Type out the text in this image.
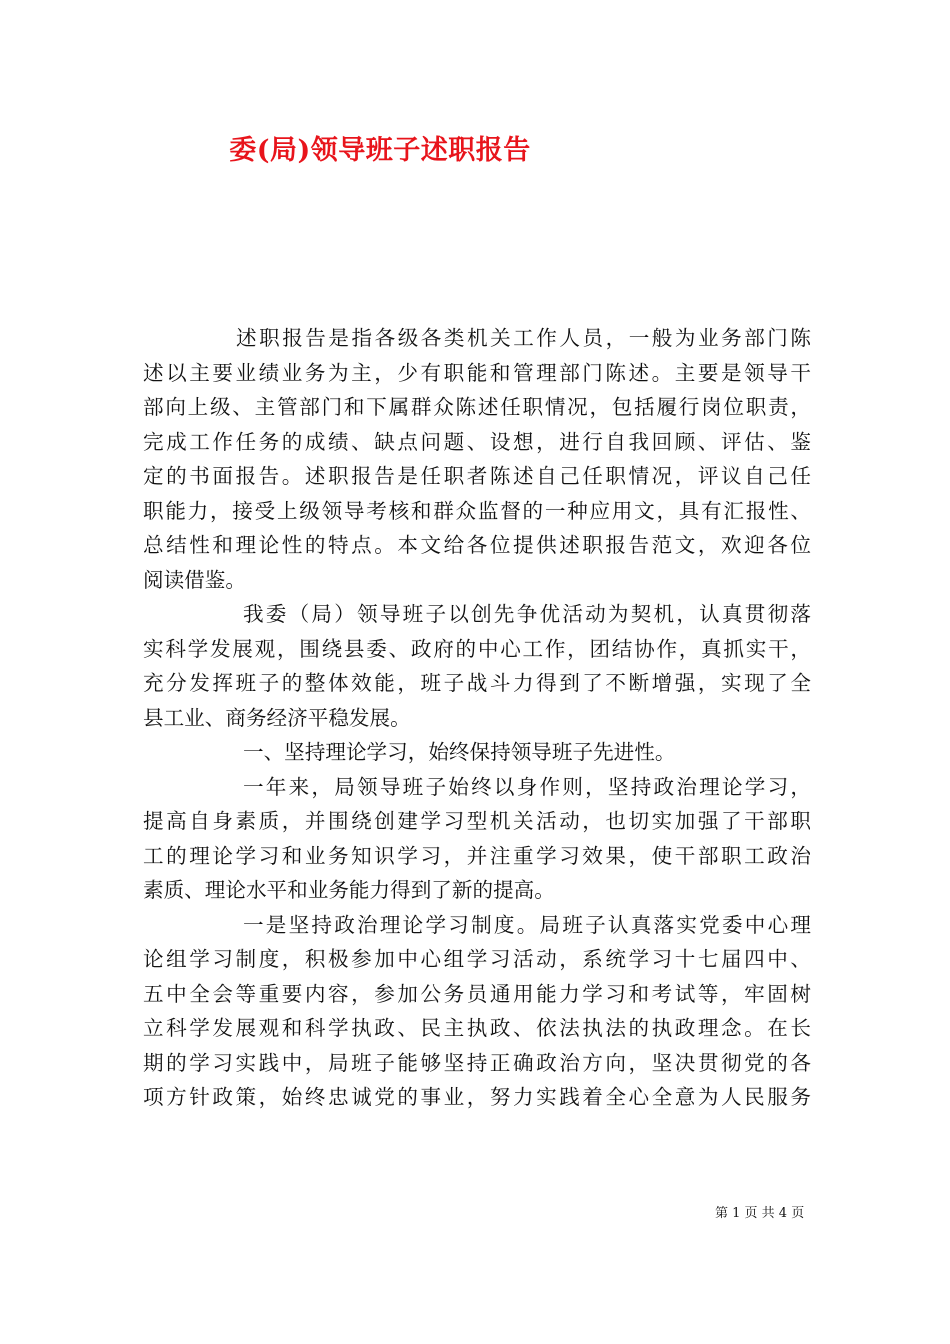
委(局)领导班子述职报告
述职报告是指各级各类机关工作人员，一般为业务部门陈
述以主要业绩业务为主，少有职能和管理部门陈述。主要是领导干
部向上级、主管部门和下属群众陈述任职情况，包括履行岗位职责，
完成工作任务的成绩、缺点问题、设想，进行自我回顾、评估、鉴
定的书面报告。述职报告是任职者陈述自己任职情况，评议自己任
职能力，接受上级领导考核和群众监督的一种应用文，具有汇报性、
总结性和理论性的特点。本文给各位提供述职报告范文，欢迎各位
阅读借鉴。
我委（局）领导班子以创先争优活动为契机，认真贯彻落
实科学发展观，围绕县委、政府的中心工作，团结协作，真抓实干，
充分发挥班子的整体效能，班子战斗力得到了不断增强，实现了全
县工业、商务经济平稳发展。
一、坚持理论学习，始终保持领导班子先进性。
一年来，局领导班子始终以身作则，坚持政治理论学习，
提高自身素质，并围绕创建学习型机关活动，也切实加强了干部职
工的理论学习和业务知识学习，并注重学习效果，使干部职工政治
素质、理论水平和业务能力得到了新的提高。
一是坚持政治理论学习制度。局班子认真落实党委中心理
论组学习制度，积极参加中心组学习活动，系统学习十七届四中、
五中全会等重要内容，参加公务员通用能力学习和考试等，牢固树
立科学发展观和科学执政、民主执政、依法执法的执政理念。在长
期的学习实践中，局班子能够坚持正确政治方向，坚决贯彻党的各
项方针政策，始终忠诚党的事业，努力实践着全心全意为人民服务
第 1 页 共 4 页
